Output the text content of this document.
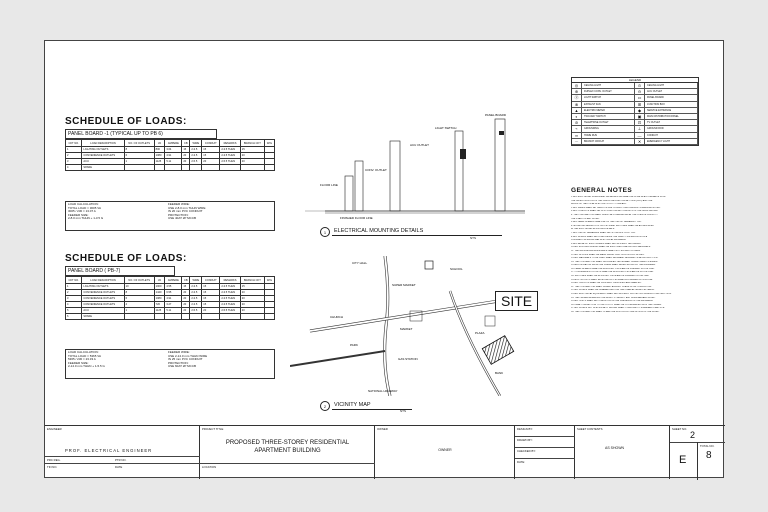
SCHEDULE OF LOADS:
PANEL BOARD -1 (TYPICAL UP TO PB 6)
CKT NO.	LOAD DESCRIPTION	NO. OF OUTLETS	VA	AMPERE	CB	WIRE	CONDUIT	REMARKS	BRANCH CKT	W/G
1	LIGHTING OUTLETS	8	800	3.64	15	2-3.5	15	2-3.5 THHN	15	
2	CONVENIENCE OUTLETS	6	1080	4.91	20	2-3.5	15	2-3.5 THHN	20	
3	ACU	1	1125	5.11	20	2-5.5	20	2-5.5 THHN	20	
4	SPARE									
LOAD CALCULATION:
TOTAL LOAD = 3005 VA
3005 / 230 = 13.07 A
FEEDER SIZE:
2-8.0 mm THHN + 1-3.5 G
FEEDER WIRE:
USE 2-8.0 mm THHN WIRE
IN 20 mm PVC CONDUIT
PROTECTION:
USE 40AT 2P MCCB
SCHEDULE OF LOADS:
PANEL BOARD ( PB-7)
CKT NO.	LOAD DESCRIPTION	NO. OF OUTLETS	VA	AMPERE	CB	WIRE	CONDUIT	REMARKS	BRANCH CKT	W/G
1	LIGHTING OUTLETS	10	1000	4.55	15	2-3.5	15	2-3.5 THHN	15	
2	CONVENIENCE OUTLETS	8	1440	6.55	20	2-3.5	15	2-3.5 THHN	20	
3	CONVENIENCE OUTLETS	6	1080	4.91	20	2-3.5	15	2-3.5 THHN	20	
4	CONVENIENCE OUTLETS	4	720	3.27	20	2-3.5	15	2-3.5 THHN	20	
5	ACU	1	1125	5.11	20	2-5.5	20	2-5.5 THHN	20	
6	SPARE									
LOAD CALCULATION:
TOTAL LOAD = 5365 VA
5365 / 230 = 23.33 A
FEEDER SIZE:
2-14.0 mm THHN + 1-5.5 G
FEEDER WIRE:
USE 2-14.0 mm THHN WIRE
IN 25 mm PVC CONDUIT
PROTECTION:
USE 60AT 2P MCCB
PANEL BOARD
LIGHT SWITCH
ACU OUTLET
CONV. OUTLET
FLOOR LINE
FINISHED FLOOR LINE
1	ELECTRICAL MOUNTING DETAILS
NTS
CITY HALL
SCHOOL
SUPER MARKET
CHURCH
MARKET
PLAZA
PARK
GAS STATION
NATIONAL HIGHWAY
BANK
SITE
2	VICINITY MAP
NTS
LEGEND
◎	CEILING LIGHT	⊙	CEILING LIGHT
⊕	DUPLEX CONV. OUTLET	⊖	ACU OUTLET
Ⓢ	LIGHT SWITCH	▭	PANEL BOARD
⊗	EXHAUST FAN	⊞	JUNCTION BOX
▲	ELECTRIC METER	◆	SERVICE ENTRANCE
◐	TWO-WAY SWITCH	▣	MAIN DISTRIBUTION PANEL
⊘	TELEPHONE OUTLET	⊡	TV OUTLET
⌁	GROUNDING	⊥	GROUND ROD
═	HOME RUN	—	CONDUIT
⋯	BRANCH CIRCUIT	✕	EMERGENCY LIGHT
GENERAL NOTES
1. ALL ELECTRICAL WORKS AND INSTALLATIONS SHALL BE DONE IN ACCORDANCE WITH
THE LATEST EDITION OF THE PHILIPPINE ELECTRICAL CODE (PEC) AND THE
RULES OF THE LOCAL ELECTRIC UTILITY COMPANY.
2. ALL WIRES SHALL BE THHN COPPER CONDUCTORS UNLESS OTHERWISE NOTED.
3. ALL CONDUITS SHALL BE UPVC ELECTRICAL CONDUITS OF THE SIZES SHOWN.
4. THE CONTRACTOR SHALL VERIFY ALL DIMENSIONS AT THE JOBSITE PRIOR TO
THE START OF ANY WORK.
5. ALL PANEL BOARDS SHALL BE OF THE CIRCUIT BREAKER TYPE.
6. MOUNTING HEIGHTS OF OUTLETS AND SWITCHES SHALL BE AS INDICATED
IN THE ELECTRICAL MOUNTING DETAILS.
7. ALL CIRCUIT BREAKERS SHALL BE OF THE BOLT-ON TYPE.
8. ALL WORKS SHALL BE DONE UNDER THE DIRECT SUPERVISION OF A
LICENSED PROFESSIONAL ELECTRICAL ENGINEER.
9. ALL METALLIC ENCLOSURES SHALL BE PROPERLY GROUNDED.
10. ALL EXPOSED WIRING SHALL BE ENCLOSED IN APPROVED RACEWAYS.
11. THE GROUNDING RESISTANCE SHALL NOT EXCEED 25 OHMS.
12. ALL SPLICES SHALL BE MADE INSIDE JUNCTION OR PULL BOXES.
13. ALL MATERIALS TO BE USED SHALL BE BRAND NEW AND OF APPROVED TYPE.
14. THE CONTRACTOR SHALL SECURE ALL NECESSARY PERMITS AND LICENSES.
15. ANY DEVIATION FROM THE PLANS SHALL BE APPROVED BY THE ENGINEER.
16. PANEL BOARDS SHALL BE MOUNTED 1.50 M ABOVE FINISHED FLOOR LINE.
17. CONVENIENCE OUTLETS SHALL BE MOUNTED 0.30 M ABOVE FLOOR LINE.
18. SWITCHES SHALL BE MOUNTED 1.40 M ABOVE FINISHED FLOOR LINE.
19. ACU OUTLETS SHALL BE MOUNTED 1.80 M ABOVE FINISHED FLOOR LINE.
20. ALL CIRCUITS SHALL BE PROPERLY IDENTIFIED AND LABELED.
21. THE CONTRACTOR SHALL SUBMIT AS-BUILT PLANS UPON COMPLETION.
22. ALL WORKS SHALL BE GUARANTEED FOR ONE YEAR AFTER ACCEPTANCE.
23. ALL ELECTRICAL EQUIPMENT SHALL BE PROPERLY PROTECTED DURING CONSTRUCTION.
24. THE OWNER RESERVES THE RIGHT TO REJECT ANY SUBSTANDARD WORK.
25. ALL TESTS SHALL BE CONDUCTED IN THE PRESENCE OF THE ENGINEER.
26. FINAL CONNECTION TO THE UTILITY SHALL BE COORDINATED WITH THE OWNER.
27. ALL WORKS NOT SPECIFICALLY SHOWN SHALL CONFORM TO STANDARD PRACTICE.
28. THE CONTRACTOR SHALL CLEAN THE SITE UPON COMPLETION OF THE WORK.
ENGINEER
PROF. ELECTRICAL ENGINEER
PRC REG.	PTR NO.
TIN NO.	DATE
PROJECT TITLE
PROPOSED THREE-STOREY RESIDENTIAL
APARTMENT BUILDING
LOCATION
OWNER
OWNER
DESIGN BY:
DRAWN BY:
CHECKED BY:
DATE:
SHEET CONTENTS
AS SHOWN
SHEET NO.
2
E
TOTAL NO.
8
